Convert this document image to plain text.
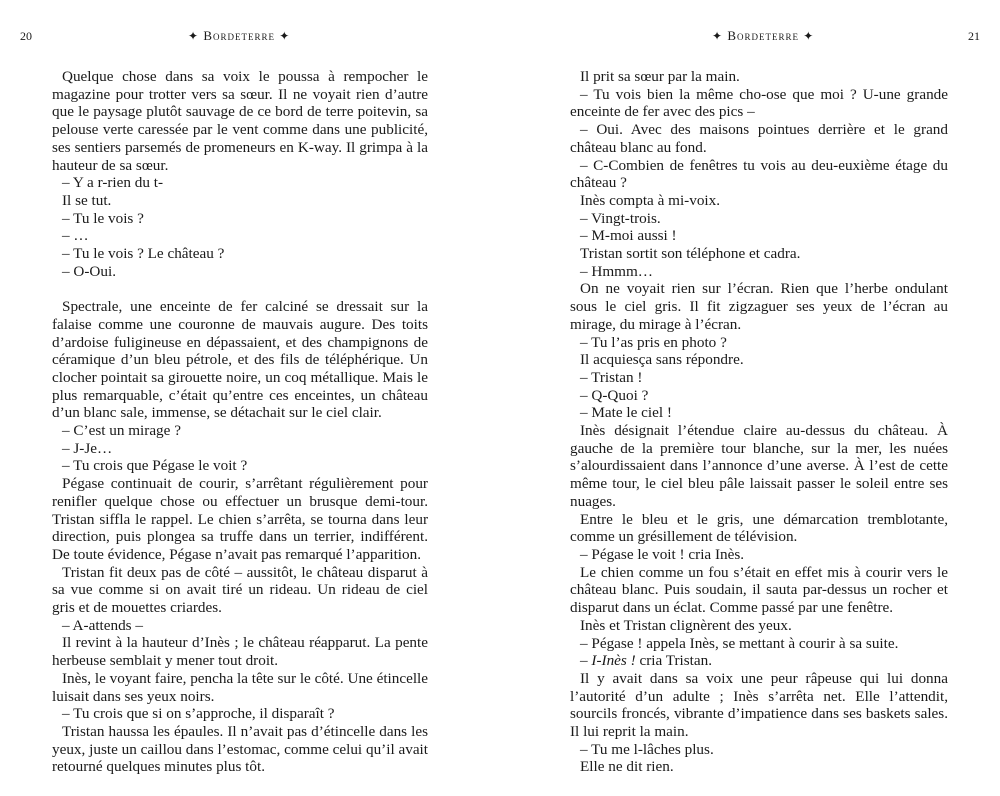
20	✦ Bordeterre ✦

Quelque chose dans sa voix le poussa à rempocher le magazine pour trotter vers sa sœur. Il ne voyait rien d’autre que le paysage plutôt sauvage de ce bord de terre poitevin, sa pelouse verte caressée par le vent comme dans une publicité, ses sentiers parsemés de promeneurs en K-way. Il grimpa à la hauteur de sa sœur.

– Y a r-rien du t-

Il se tut.

– Tu le vois ?

– …

– Tu le vois ? Le château ?

– O-Oui.

Spectrale, une enceinte de fer calciné se dressait sur la falaise comme une couronne de mauvais augure. Des toits d’ardoise fuligineuse en dépassaient, et des champignons de céramique d’un bleu pétrole, et des fils de téléphérique. Un clocher pointait sa girouette noire, un coq métallique. Mais le plus remarquable, c’était qu’entre ces enceintes, un château d’un blanc sale, immense, se détachait sur le ciel clair.

– C’est un mirage ?

– J-Je…

– Tu crois que Pégase le voit ?

Pégase continuait de courir, s’arrêtant régulièrement pour renifler quelque chose ou effectuer un brusque demi-tour. Tristan siffla le rappel. Le chien s’arrêta, se tourna dans leur direction, puis plongea sa truffe dans un terrier, indifférent. De toute évidence, Pégase n’avait pas remarqué l’apparition.

Tristan fit deux pas de côté – aussitôt, le château disparut à sa vue comme si on avait tiré un rideau. Un rideau de ciel gris et de mouettes criardes.

– A-attends –

Il revint à la hauteur d’Inès ; le château réapparut. La pente herbeuse semblait y mener tout droit.

Inès, le voyant faire, pencha la tête sur le côté. Une étincelle luisait dans ses yeux noirs.

– Tu crois que si on s’approche, il disparaît ?

Tristan haussa les épaules. Il n’avait pas d’étincelle dans les yeux, juste un caillou dans l’estomac, comme celui qu’il avait retourné quelques minutes plus tôt.

✦ Bordeterre ✦	21

Il prit sa sœur par la main.

– Tu vois bien la même cho-ose que moi ? U-une grande enceinte de fer avec des pics –

– Oui. Avec des maisons pointues derrière et le grand château blanc au fond.

– C-Combien de fenêtres tu vois au deu-euxième étage du château ?

Inès compta à mi-voix.

– Vingt-trois.

– M-moi aussi !

Tristan sortit son téléphone et cadra.

– Hmmm…

On ne voyait rien sur l’écran. Rien que l’herbe ondulant sous le ciel gris. Il fit zigzaguer ses yeux de l’écran au mirage, du mirage à l’écran.

– Tu l’as pris en photo ?

Il acquiesça sans répondre.

– Tristan !

– Q-Quoi ?

– Mate le ciel !

Inès désignait l’étendue claire au-dessus du château. À gauche de la première tour blanche, sur la mer, les nuées s’alourdissaient dans l’annonce d’une averse. À l’est de cette même tour, le ciel bleu pâle laissait passer le soleil entre ses nuages.

Entre le bleu et le gris, une démarcation tremblotante, comme un grésillement de télévision.

– Pégase le voit ! cria Inès.

Le chien comme un fou s’était en effet mis à courir vers le château blanc. Puis soudain, il sauta par-dessus un rocher et disparut dans un éclat. Comme passé par une fenêtre.

Inès et Tristan clignèrent des yeux.

– Pégase ! appela Inès, se mettant à courir à sa suite.

– I-Inès ! cria Tristan.

Il y avait dans sa voix une peur râpeuse qui lui donna l’autorité d’un adulte ; Inès s’arrêta net. Elle l’attendit, sourcils froncés, vibrante d’impatience dans ses baskets sales. Il lui reprit la main.

– Tu me l-lâches plus.

Elle ne dit rien.
